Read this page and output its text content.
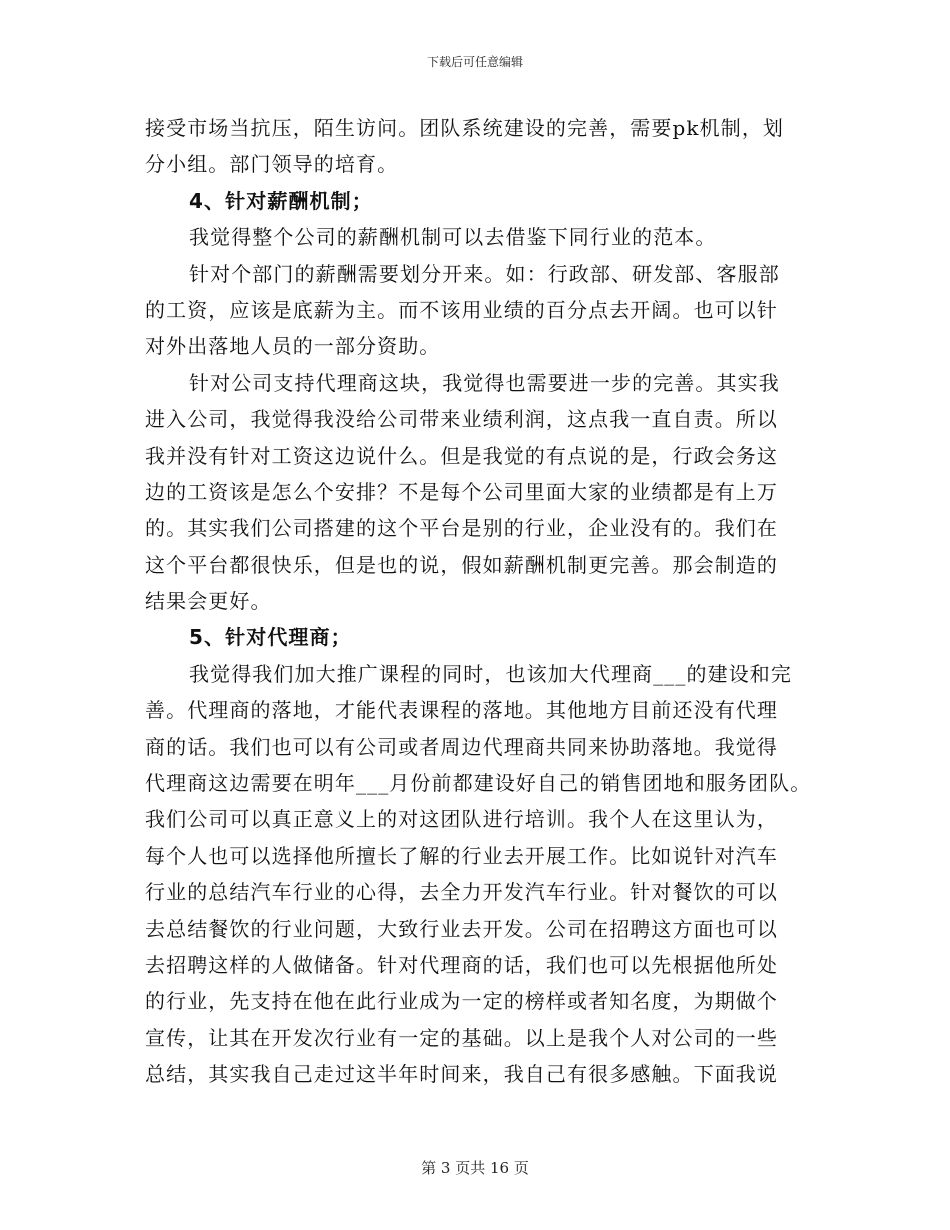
下载后可任意编辑
接受市场当抗压，陌生访问。团队系统建设的完善，需要pk机制，划
分小组。部门领导的培育。
4、针对薪酬机制；
我觉得整个公司的薪酬机制可以去借鉴下同行业的范本。
针对个部门的薪酬需要划分开来。如：行政部、研发部、客服部
的工资，应该是底薪为主。而不该用业绩的百分点去开阔。也可以针
对外出落地人员的一部分资助。
针对公司支持代理商这块，我觉得也需要进一步的完善。其实我
进入公司，我觉得我没给公司带来业绩利润，这点我一直自责。所以
我并没有针对工资这边说什么。但是我觉的有点说的是，行政会务这
边的工资该是怎么个安排？不是每个公司里面大家的业绩都是有上万
的。其实我们公司搭建的这个平台是别的行业，企业没有的。我们在
这个平台都很快乐，但是也的说，假如薪酬机制更完善。那会制造的
结果会更好。
5、针对代理商；
我觉得我们加大推广课程的同时，也该加大代理商___的建设和完
善。代理商的落地，才能代表课程的落地。其他地方目前还没有代理
商的话。我们也可以有公司或者周边代理商共同来协助落地。我觉得
代理商这边需要在明年___月份前都建设好自己的销售团地和服务团队。
我们公司可以真正意义上的对这团队进行培训。我个人在这里认为，
每个人也可以选择他所擅长了解的行业去开展工作。比如说针对汽车
行业的总结汽车行业的心得，去全力开发汽车行业。针对餐饮的可以
去总结餐饮的行业问题，大致行业去开发。公司在招聘这方面也可以
去招聘这样的人做储备。针对代理商的话，我们也可以先根据他所处
的行业，先支持在他在此行业成为一定的榜样或者知名度，为期做个
宣传，让其在开发次行业有一定的基础。以上是我个人对公司的一些
总结，其实我自己走过这半年时间来，我自己有很多感触。下面我说
第 3 页共 16 页
